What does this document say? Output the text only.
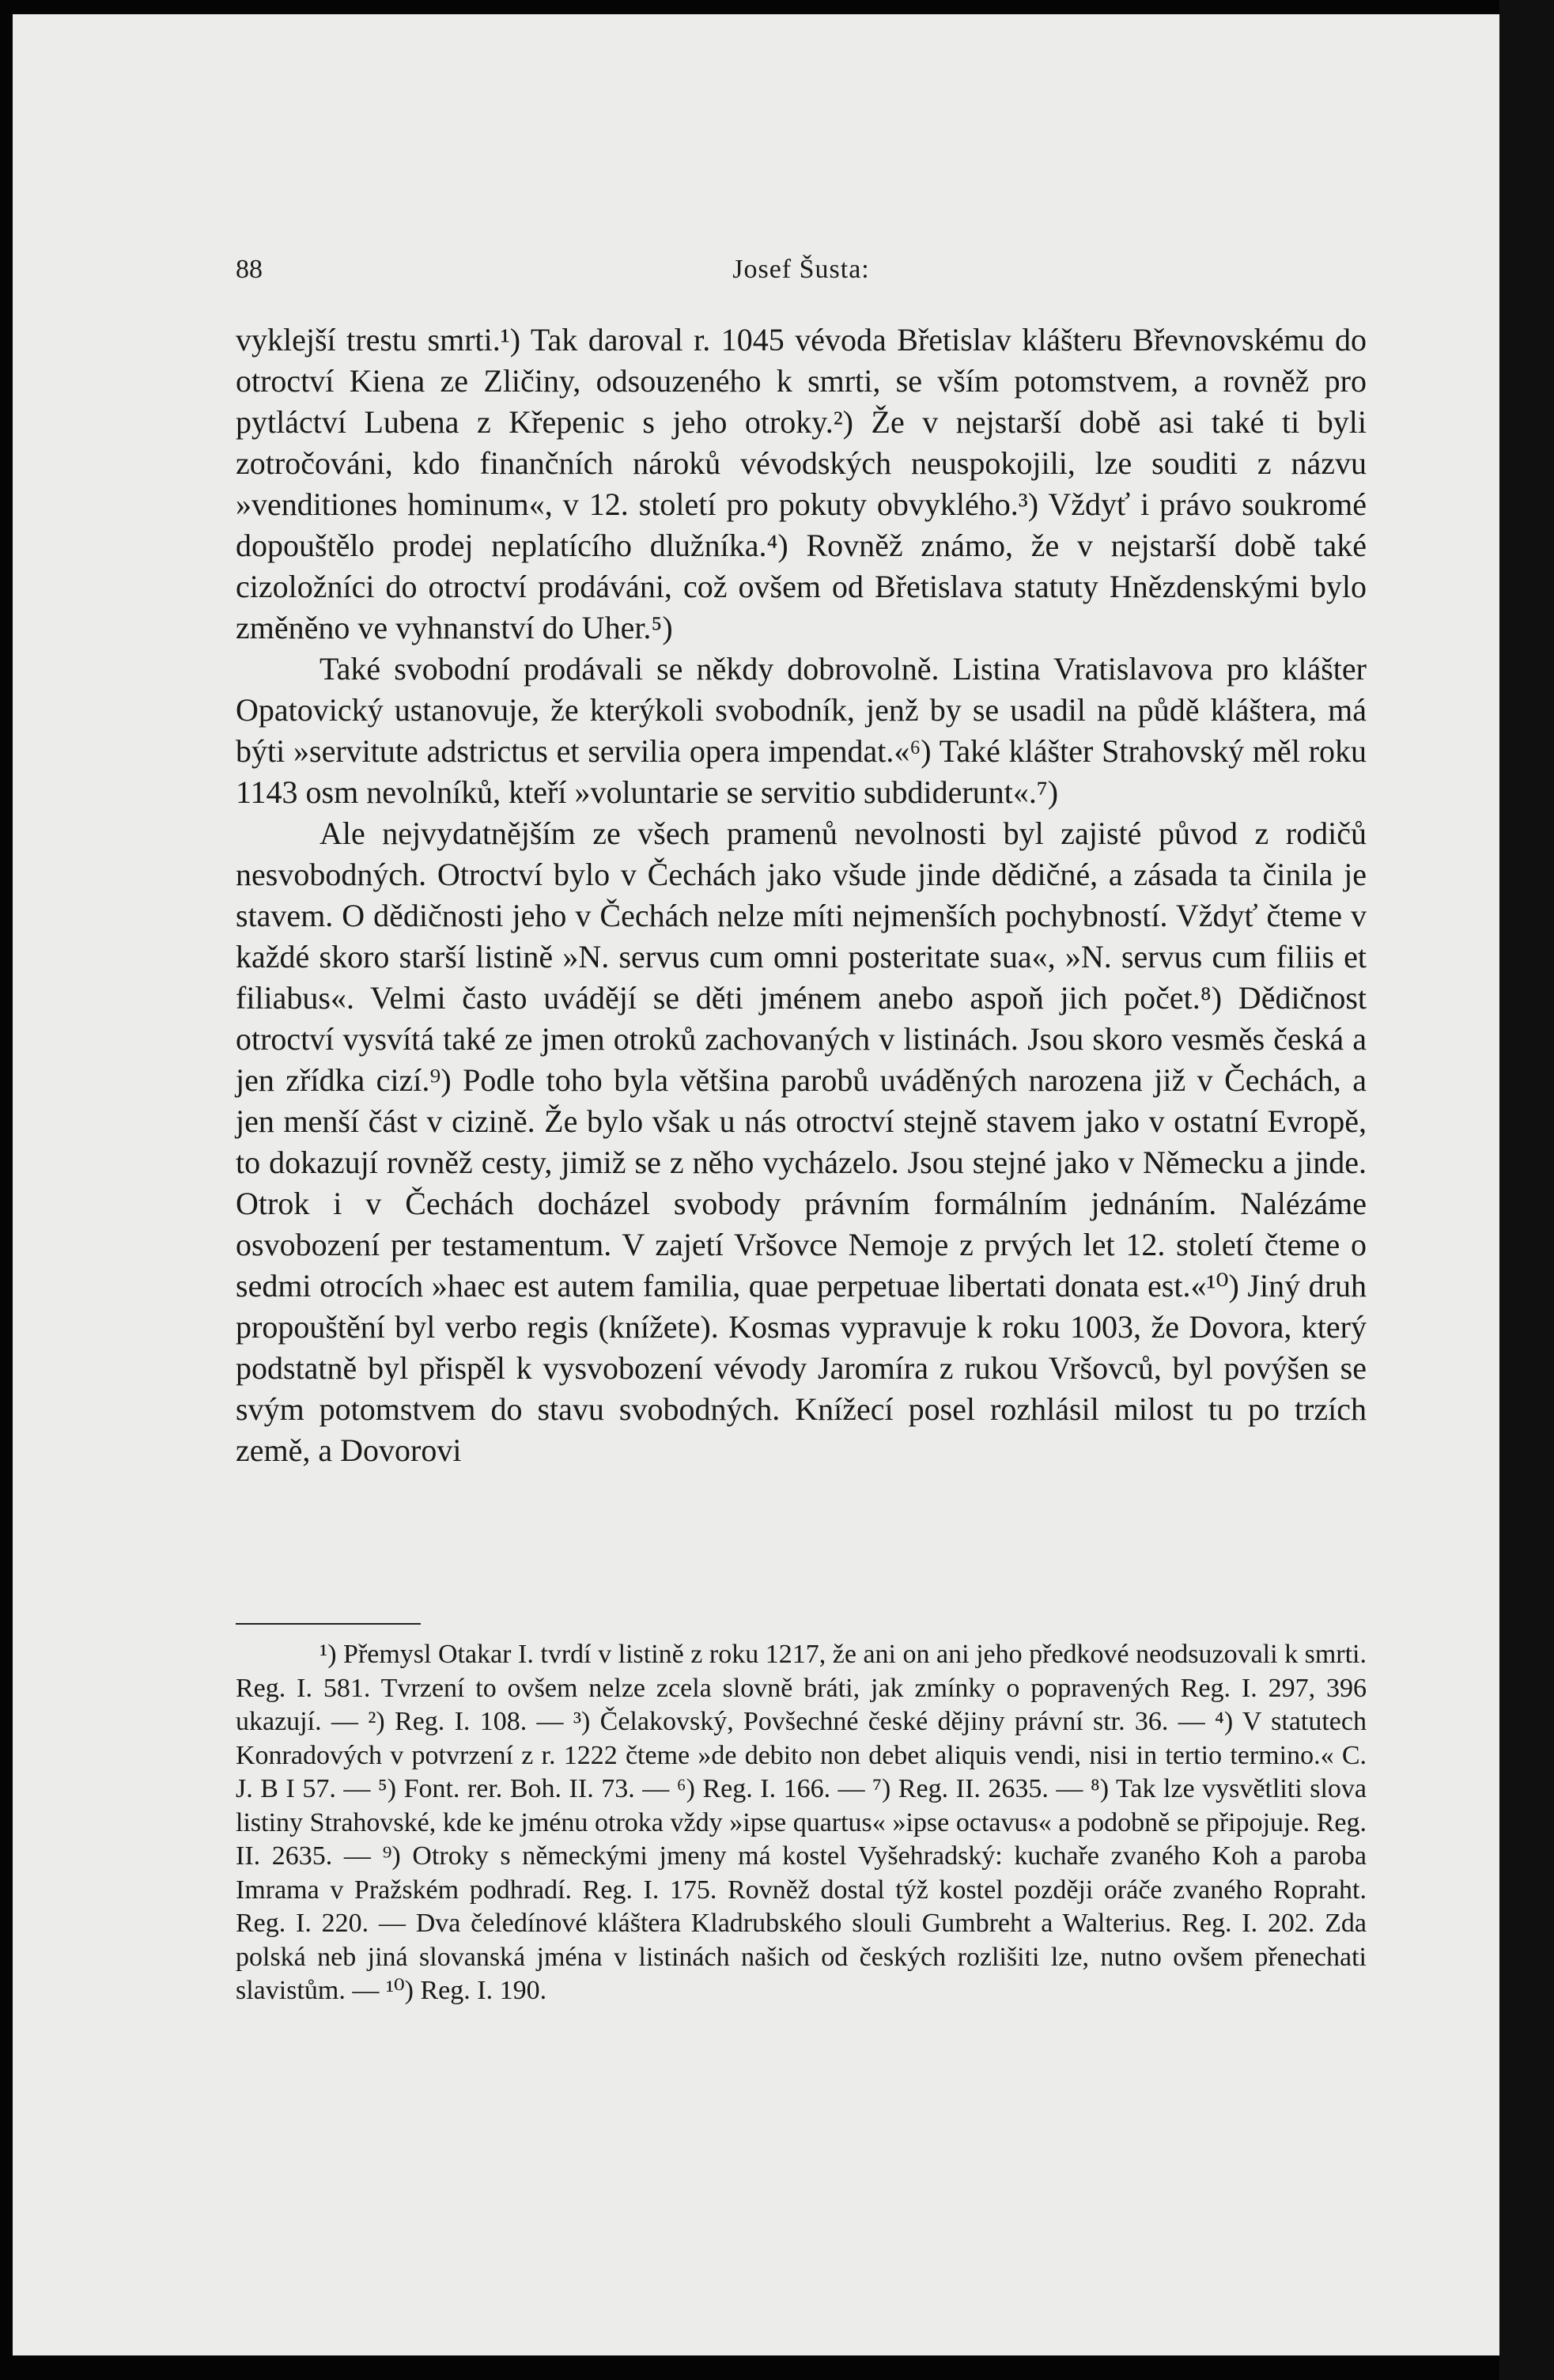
88	Josef Šusta:

vyklejší trestu smrti.¹) Tak daroval r. 1045 vévoda Břetislav klášteru Břevnovskému do otroctví Kiena ze Zličiny, odsouzeného k smrti, se vším potomstvem, a rovněž pro pytláctví Lubena z Křepenic s jeho otroky.²) Že v nejstarší době asi také ti byli zotročováni, kdo finančních nároků vévodských neuspokojili, lze souditi z názvu »venditiones hominum«, v 12. století pro pokuty obvyklého.³) Vždyť i právo soukromé dopouštělo prodej neplatícího dlužníka.⁴) Rovněž známo, že v nejstarší době také cizoložníci do otroctví prodáváni, což ovšem od Břetislava statuty Hnězdenskými bylo změněno ve vyhnanství do Uher.⁵)

Také svobodní prodávali se někdy dobrovolně. Listina Vratislavova pro klášter Opatovický ustanovuje, že kterýkoli svobodník, jenž by se usadil na půdě kláštera, má býti »servitute adstrictus et servilia opera impendat.«⁶) Také klášter Strahovský měl roku 1143 osm nevolníků, kteří »voluntarie se servitio subdiderunt«.⁷)

Ale nejvydatnějším ze všech pramenů nevolnosti byl zajisté původ z rodičů nesvobodných. Otroctví bylo v Čechách jako všude jinde dědičné, a zásada ta činila je stavem. O dědičnosti jeho v Čechách nelze míti nejmenších pochybností. Vždyť čteme v každé skoro starší listině »N. servus cum omni posteritate sua«, »N. servus cum filiis et filiabus«. Velmi často uvádějí se děti jménem anebo aspoň jich počet.⁸) Dědičnost otroctví vysvítá také ze jmen otroků zachovaných v listinách. Jsou skoro vesměs česká a jen zřídka cizí.⁹) Podle toho byla většina parobů uváděných narozena již v Čechách, a jen menší část v cizině. Že bylo však u nás otroctví stejně stavem jako v ostatní Evropě, to dokazují rovněž cesty, jimiž se z něho vycházelo. Jsou stejné jako v Německu a jinde. Otrok i v Čechách docházel svobody právním formálním jednáním. Nalézáme osvobození per testamentum. V zajetí Vršovce Nemoje z prvých let 12. století čteme o sedmi otrocích »haec est autem familia, quae perpetuae libertati donata est.«¹⁰) Jiný druh propouštění byl verbo regis (knížete). Kosmas vypravuje k roku 1003, že Dovora, který podstatně byl přispěl k vysvobození vévody Jaromíra z rukou Vršovců, byl povýšen se svým potomstvem do stavu svobodných. Knížecí posel rozhlásil milost tu po trzích země, a Dovorovi

¹) Přemysl Otakar I. tvrdí v listině z roku 1217, že ani on ani jeho předkové neodsuzovali k smrti. Reg. I. 581. Tvrzení to ovšem nelze zcela slovně bráti, jak zmínky o popravených Reg. I. 297, 396 ukazují. — ²) Reg. I. 108. — ³) Čelakovský, Povšechné české dějiny právní str. 36. — ⁴) V statutech Konradových v potvrzení z r. 1222 čteme »de debito non debet aliquis vendi, nisi in tertio termino.« C. J. B I 57. — ⁵) Font. rer. Boh. II. 73. — ⁶) Reg. I. 166. — ⁷) Reg. II. 2635. — ⁸) Tak lze vysvětliti slova listiny Strahovské, kde ke jménu otroka vždy »ipse quartus« »ipse octavus« a podobně se připojuje. Reg. II. 2635. — ⁹) Otroky s německými jmeny má kostel Vyšehradský: kuchaře zvaného Koh a paroba Imrama v Pražském podhradí. Reg. I. 175. Rovněž dostal týž kostel později oráče zvaného Ropraht. Reg. I. 220. — Dva čeledínové kláštera Kladrubského slouli Gumbreht a Walterius. Reg. I. 202. Zda polská neb jiná slovanská jména v listinách našich od českých rozlišiti lze, nutno ovšem přenechati slavistům. — ¹⁰) Reg. I. 190.
